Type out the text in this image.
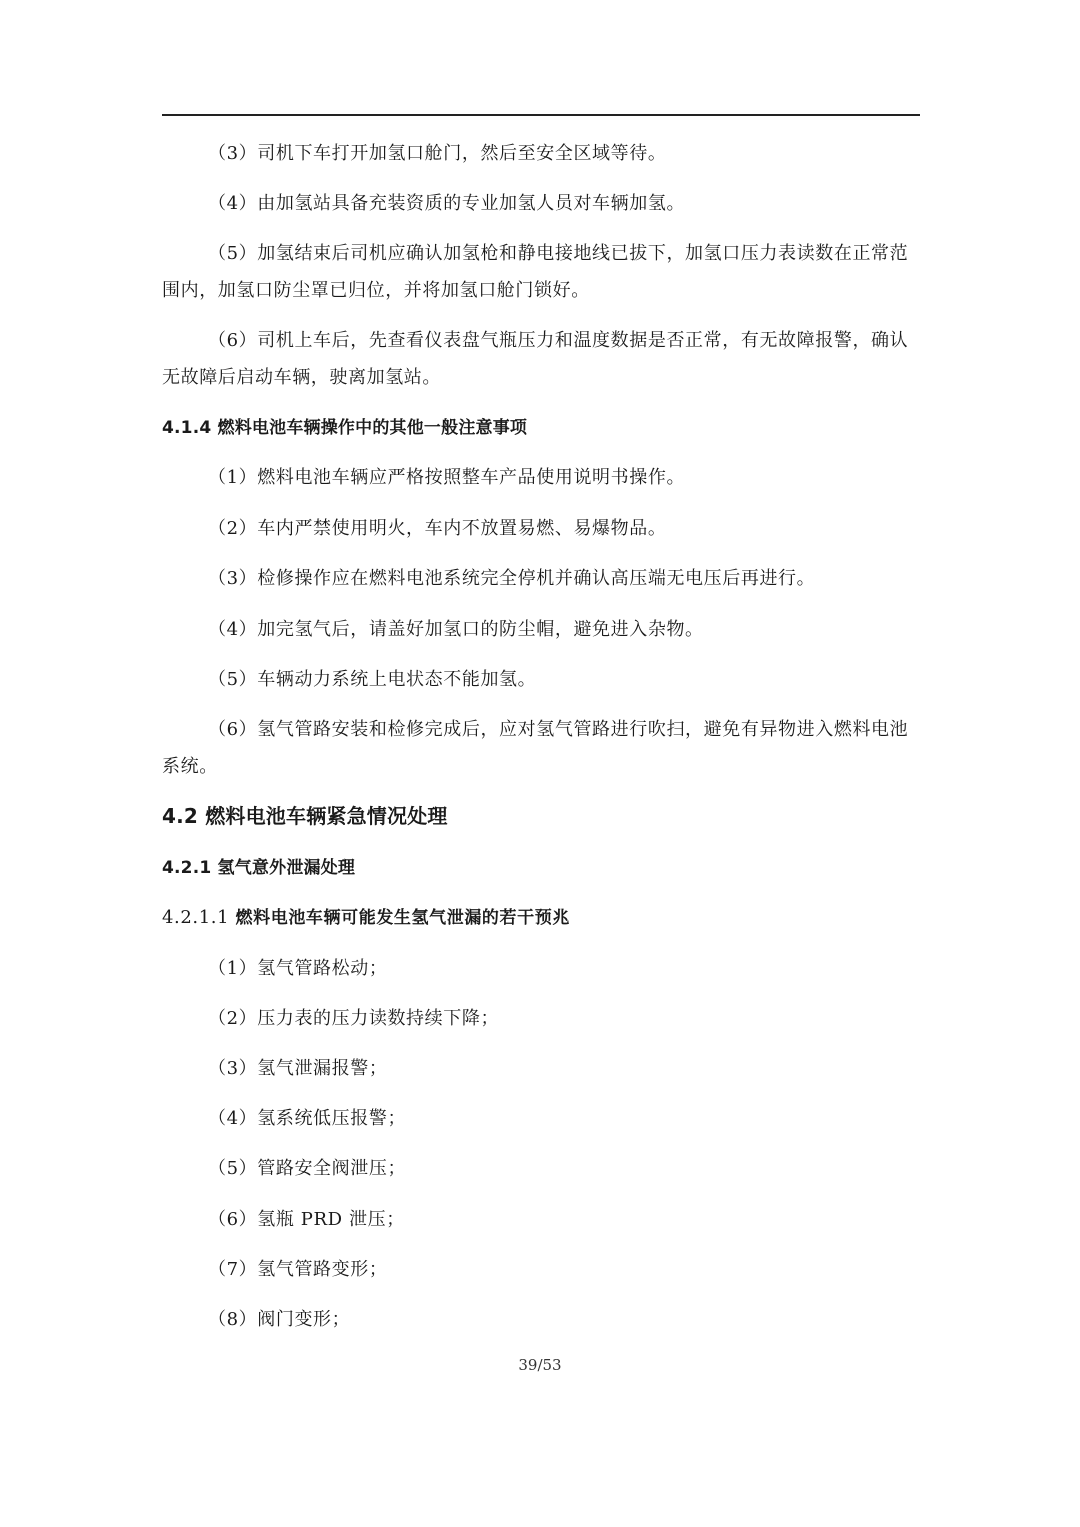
（3）司机下车打开加氢口舱门，然后至安全区域等待。
（4）由加氢站具备充装资质的专业加氢人员对车辆加氢。
（5）加氢结束后司机应确认加氢枪和静电接地线已拔下，加氢口压力表读数在正常范
围内，加氢口防尘罩已归位，并将加氢口舱门锁好。
（6）司机上车后，先查看仪表盘气瓶压力和温度数据是否正常，有无故障报警，确认
无故障后启动车辆，驶离加氢站。
4.1.4 燃料电池车辆操作中的其他一般注意事项
（1）燃料电池车辆应严格按照整车产品使用说明书操作。
（2）车内严禁使用明火，车内不放置易燃、易爆物品。
（3）检修操作应在燃料电池系统完全停机并确认高压端无电压后再进行。
（4）加完氢气后，请盖好加氢口的防尘帽，避免进入杂物。
（5）车辆动力系统上电状态不能加氢。
（6）氢气管路安装和检修完成后，应对氢气管路进行吹扫，避免有异物进入燃料电池
系统。
4.2 燃料电池车辆紧急情况处理
4.2.1 氢气意外泄漏处理
4.2.1.1 燃料电池车辆可能发生氢气泄漏的若干预兆
（1）氢气管路松动；
（2）压力表的压力读数持续下降；
（3）氢气泄漏报警；
（4）氢系统低压报警；
（5）管路安全阀泄压；
（6）氢瓶 PRD 泄压；
（7）氢气管路变形；
（8）阀门变形；
39/53
